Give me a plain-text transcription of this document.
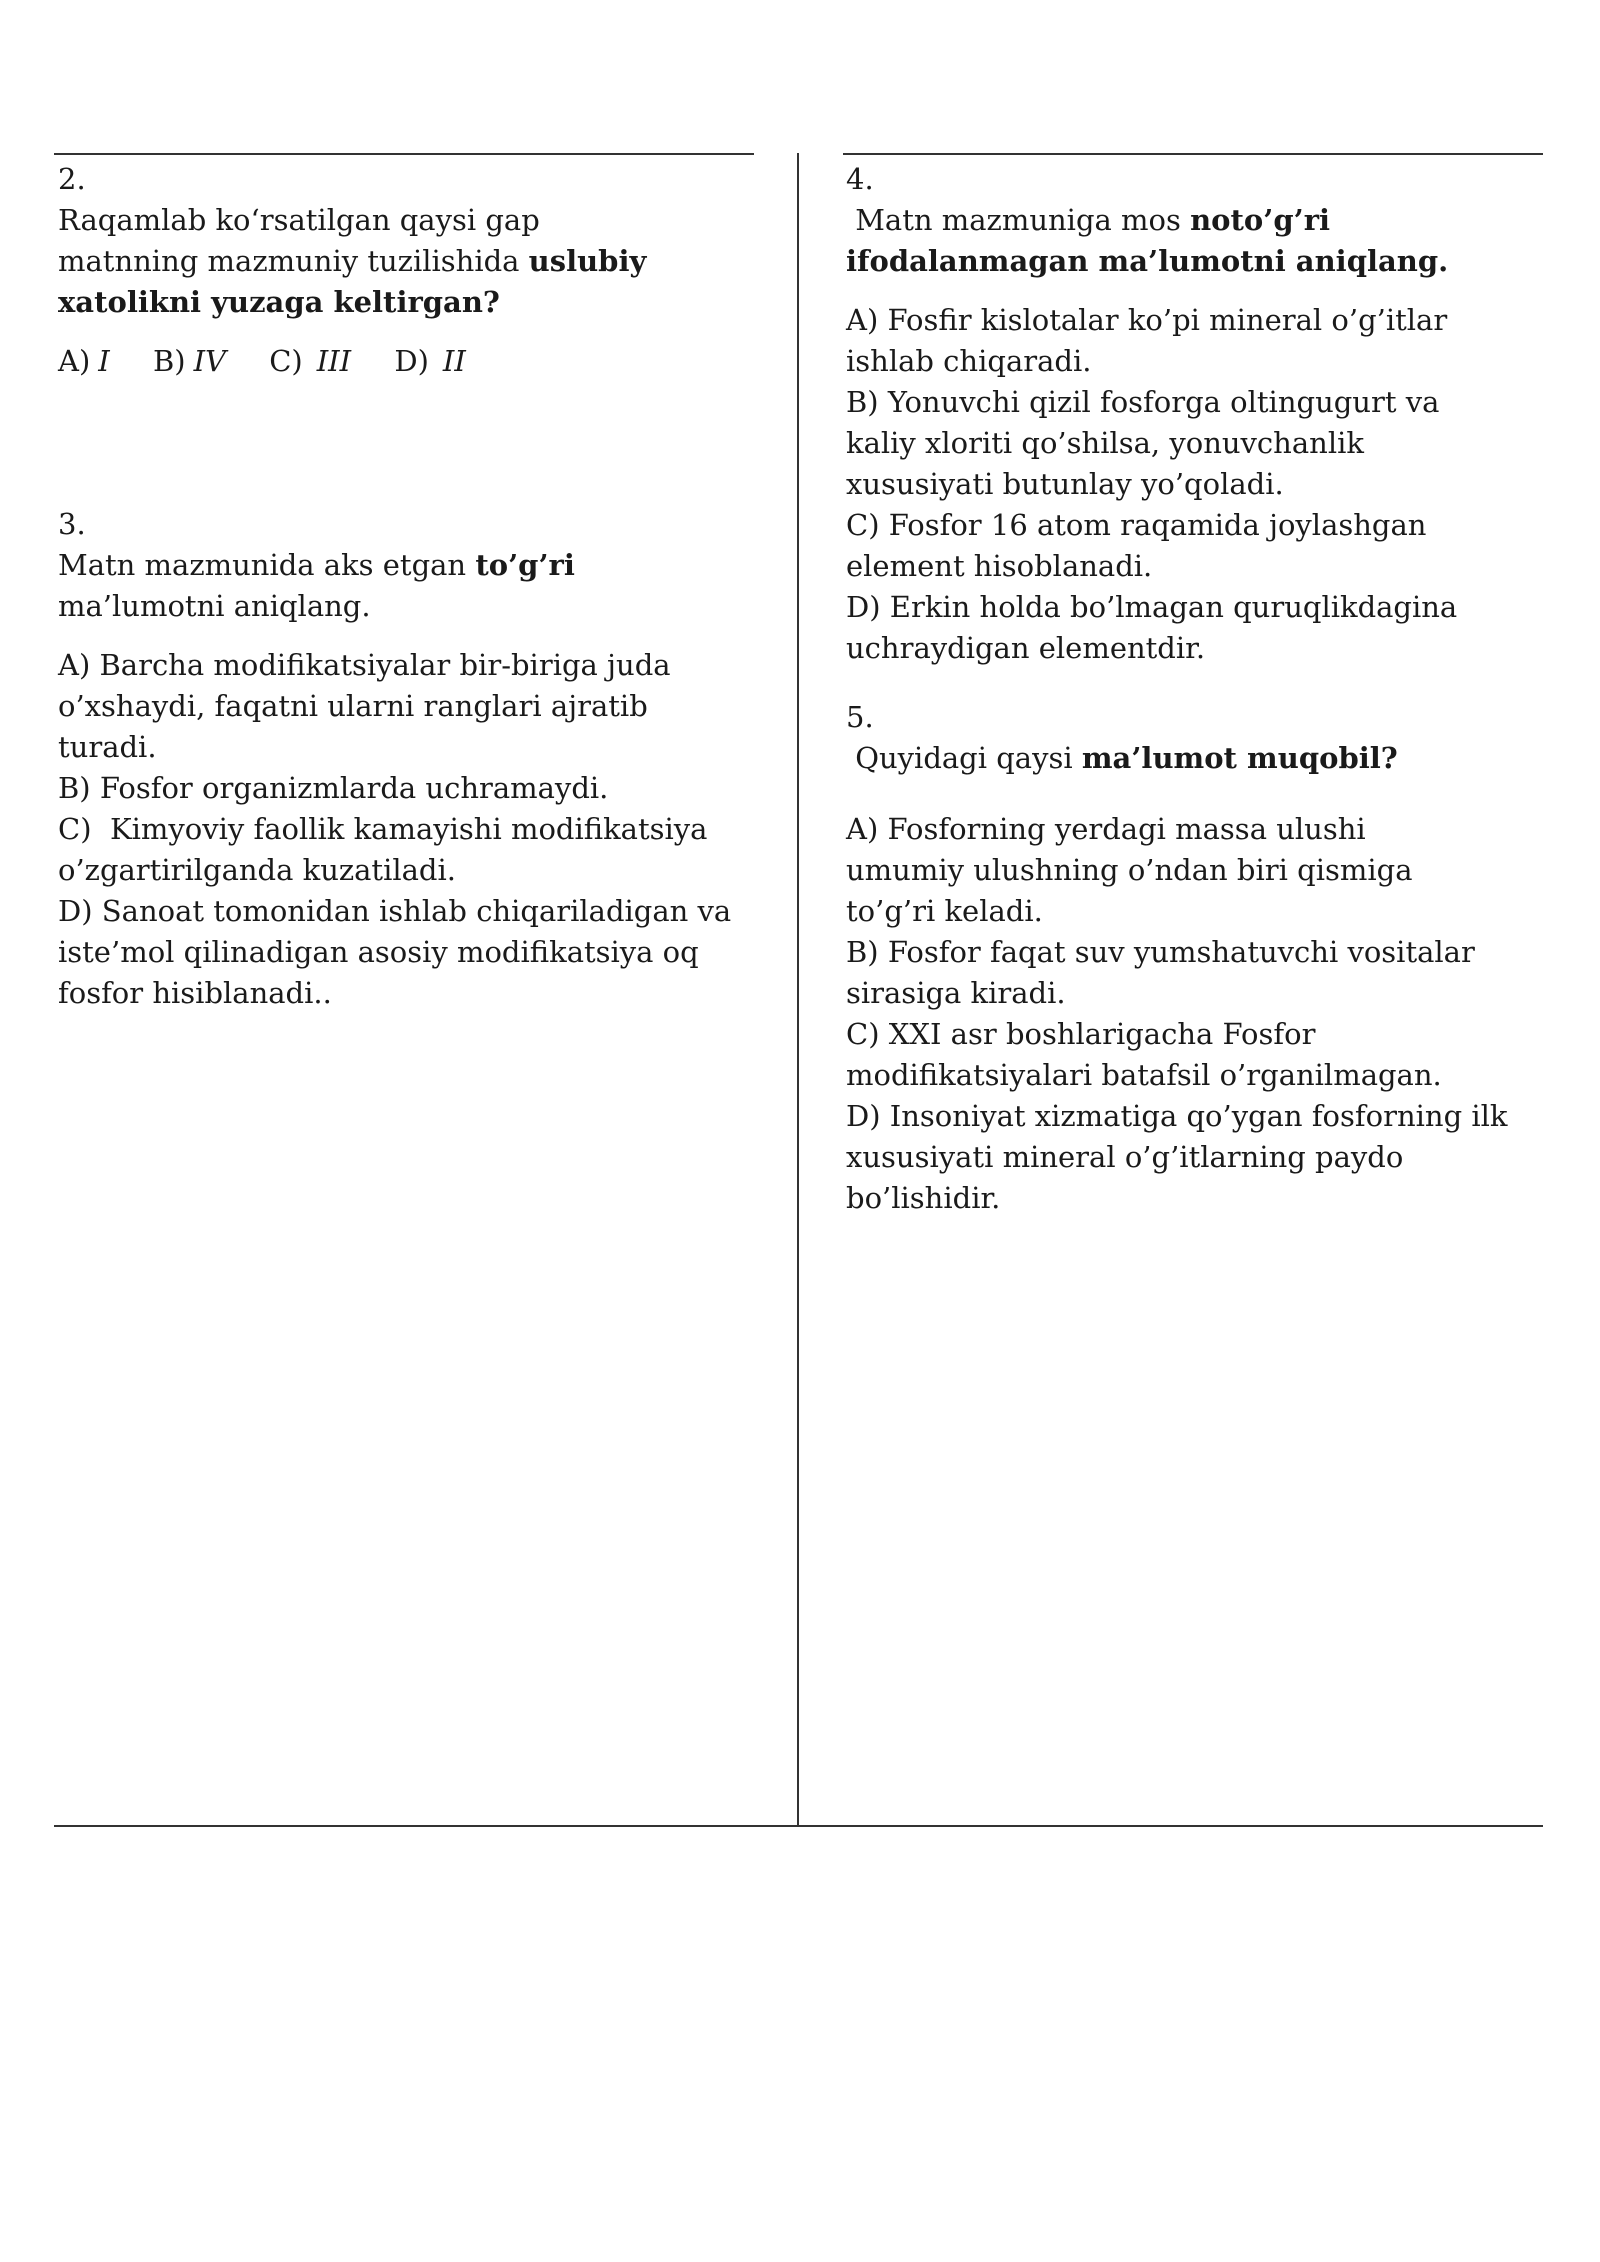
2.

Raqamlab koʻrsatilgan qaysi gap matnning mazmuniy tuzilishida uslubiy xatolikni yuzaga keltirgan?

A) I B) IV C) III D) II

3.

Matn mazmunida aks etgan to’g’ri  ma’lumotni aniqlang.

A) Barcha modifikatsiyalar bir-biriga juda o’xshaydi, faqatni ularni ranglari ajratib turadi.

B) Fosfor organizmlarda uchramaydi.

C)  Kimyoviy faollik kamayishi modifikatsiya o’zgartirilganda kuzatiladi.

D) Sanoat tomonidan ishlab chiqariladigan va iste’mol qilinadigan asosiy modifikatsiya oq fosfor hisiblanadi..

4.

Matn mazmuniga mos noto’g’ri ifodalanmagan ma’lumotni aniqlang.

A) Fosfir kislotalar ko’pi mineral o’g’itlar ishlab chiqaradi.

B) Yonuvchi qizil fosforga oltingugurt va kaliy xloriti qo’shilsa, yonuvchanlik xususiyati butunlay yo’qoladi.

C) Fosfor 16 atom raqamida joylashgan element hisoblanadi.

D) Erkin holda bo’lmagan quruqlikdagina uchraydigan elementdir.

5.

Quyidagi qaysi ma’lumot muqobil?

A) Fosforning yerdagi massa ulushi umumiy ulushning o’ndan biri qismiga to’g’ri keladi.

B) Fosfor faqat suv yumshatuvchi vositalar sirasiga kiradi.

C) XXI asr boshlarigacha Fosfor modifikatsiyalari batafsil o’rganilmagan.

D) Insoniyat xizmatiga qo’ygan fosforning ilk xususiyati mineral o’g’itlarning paydo bo’lishidir.
